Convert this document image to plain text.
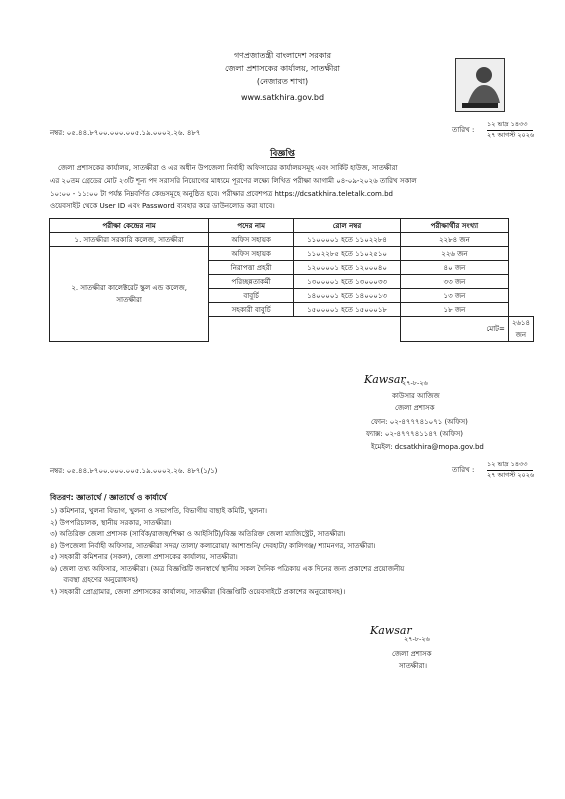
গণপ্রজাতন্ত্রী বাংলাদেশ সরকার
জেলা প্রশাসকের কার্যালয়, সাতক্ষীরা
(নেজারত শাখা)
www.satkhira.gov.bd
নম্বর: ০৫.৪৪.৮৭০০.০০০.০০৫.১৯.০০০২.২৬. ৪৮৭	তারিখ :
১২ ভাদ্র ১৪৩৩
২৭ আগস্ট ২০২৬
বিজ্ঞপ্তি
জেলা প্রশাসকের কার্যালয়, সাতক্ষীরা ও এর অধীন উপজেলা নির্বাহী অফিসারের কার্যালয়সমূহ এবং সার্কিট হাউজ, সাতক্ষীরা
এর ২০তম গ্রেডের মোট ২৩টি শূন্য পদ সরাসরি নিয়োগের মাধ্যমে পূরণের লক্ষ্যে লিখিত পরীক্ষা আগামী ০৪-০৯-২০২৬ তারিখ সকাল
১০:০০ - ১১:০০ টা পর্যন্ত নিম্নবর্ণিত কেন্দ্রসমূহে অনুষ্ঠিত হবে। পরীক্ষার প্রবেশপত্র https://dcsatkhira.teletalk.com.bd
ওয়েবসাইট থেকে User ID এবং Password ব্যবহার করে ডাউনলোড করা যাবে।
পরীক্ষা কেন্দ্রের নাম	পদের নাম	রোল নম্বর	পরীক্ষার্থীর সংখ্যা	
১. সাতক্ষীরা সরকারি কলেজ, সাতক্ষীরা	অফিস সহায়ক	১১০০০০১ হতে ১১০২২৮৪	২২৮৪ জন	

২. সাতক্ষীরা কালেক্টরেট স্কুল এন্ড কলেজ,
সাতক্ষীরা	অফিস সহায়ক	১১০২২৮৫ হতে ১১০২৫১০	২২৬ জন	
	নিরাপত্তা প্রহরী	১২০০০০১ হতে ১২০০০৪০	৪০ জন	
	পরিচ্ছন্নতাকর্মী	১৩০০০০১ হতে ১৩০০০৩৩	৩৩ জন	
	বাবুর্চি	১৪০০০০১ হতে ১৪০০০১৩	১৩ জন	
	সহকারী বাবুর্চি	১৫০০০০১ হতে ১৫০০০১৮	১৮ জন	
			মোট=	২৬১৪ জন
Kawsar
২৭-৮-২৬
কাউসার আজিজ
জেলা প্রশাসক
ফোন: ০২-৪৭৭৭৪১০৭১ (অফিস)
ফ্যাক্স: ০২-৪৭৭৭৪১১৪৭ (অফিস)
ইমেইল: dcsatkhira@mopa.gov.bd
নম্বর: ০৫.৪৪.৮৭০০.০০০.০০৫.১৯.০০০২.২৬. ৪৮৭(১/১)	তারিখ :
১২ ভাদ্র ১৪৩৩
২৭ আগস্ট ২০২৬
বিতরণ: জ্ঞাতার্থে / জ্ঞাতার্থে ও কার্যার্থে
১) কমিশনার, খুলনা বিভাগ, খুলনা ও সভাপতি, বিভাগীয় বাছাই কমিটি, খুলনা।
২) উপপরিচালক, স্থানীয় সরকার, সাতক্ষীরা।
৩) অতিরিক্ত জেলা প্রশাসক (সার্বিক/রাজস্ব/শিক্ষা ও আইসিটি)/বিজ্ঞ অতিরিক্ত জেলা ম্যাজিস্ট্রেট, সাতক্ষীরা।
৪) উপজেলা নির্বাহী অফিসার, সাতক্ষীরা সদর/ তালা/ কলারোয়া/ আশাশুনি/ দেবহাটা/ কালিগঞ্জ/ শ্যামনগর, সাতক্ষীরা।
৫) সহকারী কমিশনার (সকল), জেলা প্রশাসকের কার্যালয়, সাতক্ষীরা।
৬) জেলা তথ্য অফিসার, সাতক্ষীরা। (অত্র বিজ্ঞপ্তিটি জনস্বার্থে স্থানীয় সকল দৈনিক পত্রিকায় এক দিনের জন্য প্রকাশের প্রয়োজনীয়
ব্যবস্থা গ্রহণের অনুরোধসহ)
৭) সহকারী প্রোগ্রামার, জেলা প্রশাসকের কার্যালয়, সাতক্ষীরা (বিজ্ঞপ্তিটি ওয়েবসাইটে প্রকাশের অনুরোধসহ)।
Kawsar
২৭-৮-২৬
জেলা প্রশাসক
সাতক্ষীরা।
